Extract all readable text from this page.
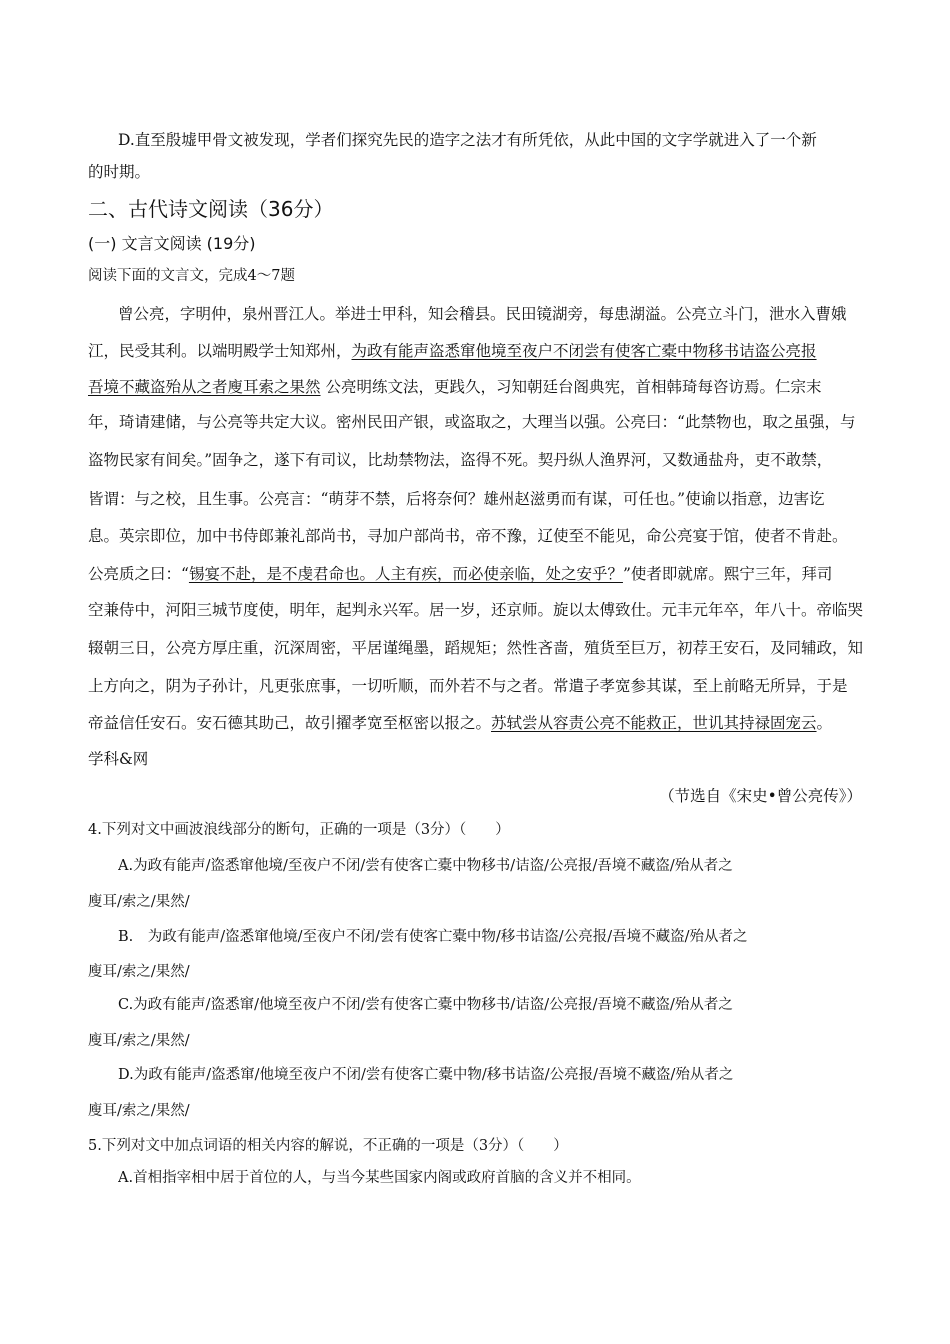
D.直至殷墟甲骨文被发现，学者们探究先民的造字之法才有所凭依，从此中国的文字学就进入了一个新
的时期。
二、古代诗文阅读（36分）
(一) 文言文阅读 (19分)
阅读下面的文言文，完成4～7题
曾公亮，字明仲，泉州晋江人。举进士甲科，知会稽县。民田镜湖旁，每患湖溢。公亮立斗门，泄水入曹娥
江，民受其利。以端明殿学士知郑州，为政有能声盗悉窜他境至夜户不闭尝有使客亡橐中物移书诘盗公亮报
吾境不藏盗殆从之者廋耳索之果然 公亮明练文法，更践久，习知朝廷台阁典宪，首相韩琦每咨访焉。仁宗末
年，琦请建储，与公亮等共定大议。密州民田产银，或盗取之，大理当以强。公亮曰：“此禁物也，取之虽强，与
盗物民家有间矣。”固争之，遂下有司议，比劫禁物法，盗得不死。契丹纵人渔界河，又数通盐舟，吏不敢禁，
皆谓：与之校，且生事。公亮言：“萌芽不禁，后将奈何？雄州赵滋勇而有谋，可任也。”使谕以指意，边害讫
息。英宗即位，加中书侍郎兼礼部尚书，寻加户部尚书，帝不豫，辽使至不能见，命公亮宴于馆，使者不肯赴。
公亮质之曰：“锡宴不赴，是不虔君命也。人主有疾，而必使亲临，处之安乎？”使者即就席。熙宁三年，拜司
空兼侍中，河阳三城节度使，明年，起判永兴军。居一岁，还京师。旋以太傅致仕。元丰元年卒，年八十。帝临哭
辍朝三日，公亮方厚庄重，沉深周密，平居谨绳墨，蹈规矩；然性吝啬，殖货至巨万，初荐王安石，及同辅政，知
上方向之，阴为子孙计，凡更张庶事，一切听顺，而外若不与之者。常遣子孝宽参其谋，至上前略无所异，于是
帝益信任安石。安石德其助己，故引擢孝宽至枢密以报之。苏轼尝从容责公亮不能救正，世讥其持禄固宠云。
学科&网
（节选自《宋史•曾公亮传》）
4.下列对文中画波浪线部分的断句，正确的一项是（3分）（　　）
A.为政有能声/盗悉窜他境/至夜户不闭/尝有使客亡橐中物移书/诘盗/公亮报/吾境不藏盗/殆从者之
廋耳/索之/果然/
B.　为政有能声/盗悉窜他境/至夜户不闭/尝有使客亡橐中物/移书诘盗/公亮报/吾境不藏盗/殆从者之
廋耳/索之/果然/
C.为政有能声/盗悉窜/他境至夜户不闭/尝有使客亡橐中物移书/诘盗/公亮报/吾境不藏盗/殆从者之
廋耳/索之/果然/
D.为政有能声/盗悉窜/他境至夜户不闭/尝有使客亡橐中物/移书诘盗/公亮报/吾境不藏盗/殆从者之
廋耳/索之/果然/
5.下列对文中加点词语的相关内容的解说，不正确的一项是（3分）（　　）
A.首相指宰相中居于首位的人，与当今某些国家内阁或政府首脑的含义并不相同。
